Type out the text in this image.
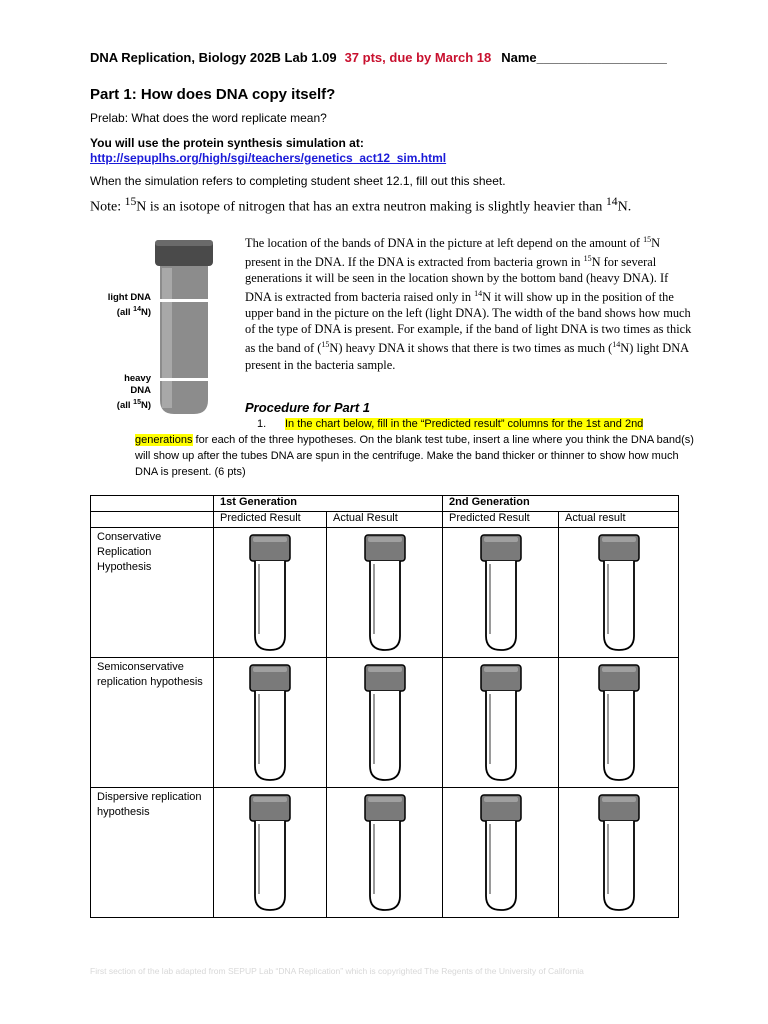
DNA Replication, Biology 202B Lab 1.09 37 pts, due by March 18 Name__________________
Part 1: How does DNA copy itself?
Prelab: What does the word replicate mean?
You will use the protein synthesis simulation at:
http://sepuplhs.org/high/sgi/teachers/genetics_act12_sim.html
When the simulation refers to completing student sheet 12.1, fill out this sheet.
Note: $^{15}$N is an isotope of nitrogen that has an extra neutron making is slightly heavier than $^{14}$N.
light DNA
(all $^{14}$N)
heavy DNA
(all $^{15}$N)
The location of the bands of DNA in the picture at left depend on the amount of $^{15}$N present in the DNA. If the DNA is extracted from bacteria grown in $^{15}$N for several generations it will be seen in the location shown by the bottom band (heavy DNA). If DNA is extracted from bacteria raised only in $^{14}$N it will show up in the position of the upper band in the picture on the left (light DNA). The width of the band shows how much of the type of DNA is present. For example, if the band of light DNA is two times as thick as the band of ($^{15}$N) heavy DNA it shows that there is two times as much ($^{14}$N) light DNA present in the bacteria sample.
Procedure for Part 1
1. In the chart below, fill in the “Predicted result” columns for the 1st and 2nd generations for each of the three hypotheses. On the blank test tube, insert a line where you think the DNA band(s) will show up after the tubes DNA are spun in the centrifuge. Make the band thicker or thinner to show how much DNA is present. (6 pts)
	1st Generation		2nd Generation	
	Predicted Result	Actual Result	Predicted Result	Actual result
Conservative Replication Hypothesis	

Semiconservative replication hypothesis	

Dispersive replication hypothesis	

First section of the lab adapted from SEPUP Lab “DNA Replication” which is copyrighted The Regents of the University of California
